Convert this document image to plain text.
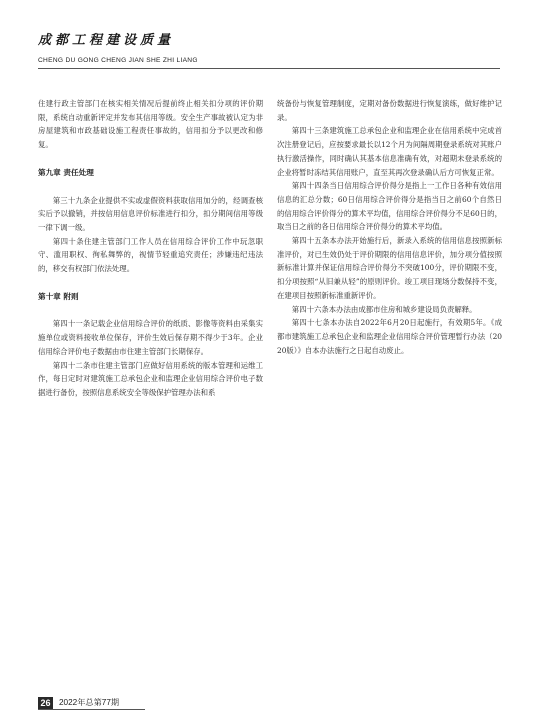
成都工程建设质量
CHENG DU GONG CHENG JIAN SHE ZHI LIANG

住建行政主管部门在核实相关情况后提前终止相关扣分项的评价期限，系统自动重新评定并发布其信用等级。安全生产事故被认定为非房屋建筑和市政基础设施工程责任事故的，信用扣分予以更改和修复。

第九章 责任处理

第三十九条企业提供不实或虚假资料获取信用加分的，经调查核实后予以撤销，并按信用信息评价标准进行扣分，扣分期间信用等级一律下调一级。

第四十条住建主管部门工作人员在信用综合评价工作中玩忽职守、滥用职权、徇私舞弊的，视情节轻重追究责任；涉嫌违纪违法的，移交有权部门依法处理。

第十章 附则

第四十一条记载企业信用综合评价的纸质、影像等资料由采集实施单位或资料接收单位保存，评价生效后保存期不得少于3年。企业信用综合评价电子数据由市住建主管部门长期保存。

第四十二条市住建主管部门应做好信用系统的版本管理和运维工作，每日定时对建筑施工总承包企业和监理企业信用综合评价电子数据进行备份，按照信息系统安全等级保护管理办法和系

统备份与恢复管理制度，定期对备份数据进行恢复演练，做好维护记录。

第四十三条建筑施工总承包企业和监理企业在信用系统中完成首次注册登记后，应按要求最长以12个月为间隔周期登录系统对其账户执行激活操作，同时确认其基本信息准确有效，对超期未登录系统的企业将暂时冻结其信用账户，直至其再次登录确认后方可恢复正常。

第四十四条当日信用综合评价得分是指上一工作日各种有效信用信息的汇总分数；60日信用综合评价得分是指当日之前60个自然日的信用综合评价得分的算术平均值，信用综合评价得分不足60日的，取当日之前的各日信用综合评价得分的算术平均值。

第四十五条本办法开始施行后，新录入系统的信用信息按照新标准评价，对已生效仍处于评价期限的信用信息评价，加分项分值按照新标准计算并保证信用综合评价得分不突破100分，评价期限不变，扣分项按照“从旧兼从轻”的原则评价。竣工项目现场分数保持不变，在建项目按照新标准重新评价。

第四十六条本办法由成都市住房和城乡建设局负责解释。

第四十七条本办法自2022年6月20日起施行，有效期5年。《成都市建筑施工总承包企业和监理企业信用综合评价管理暂行办法（2020版）》自本办法施行之日起自动废止。

26	2022年总第77期
